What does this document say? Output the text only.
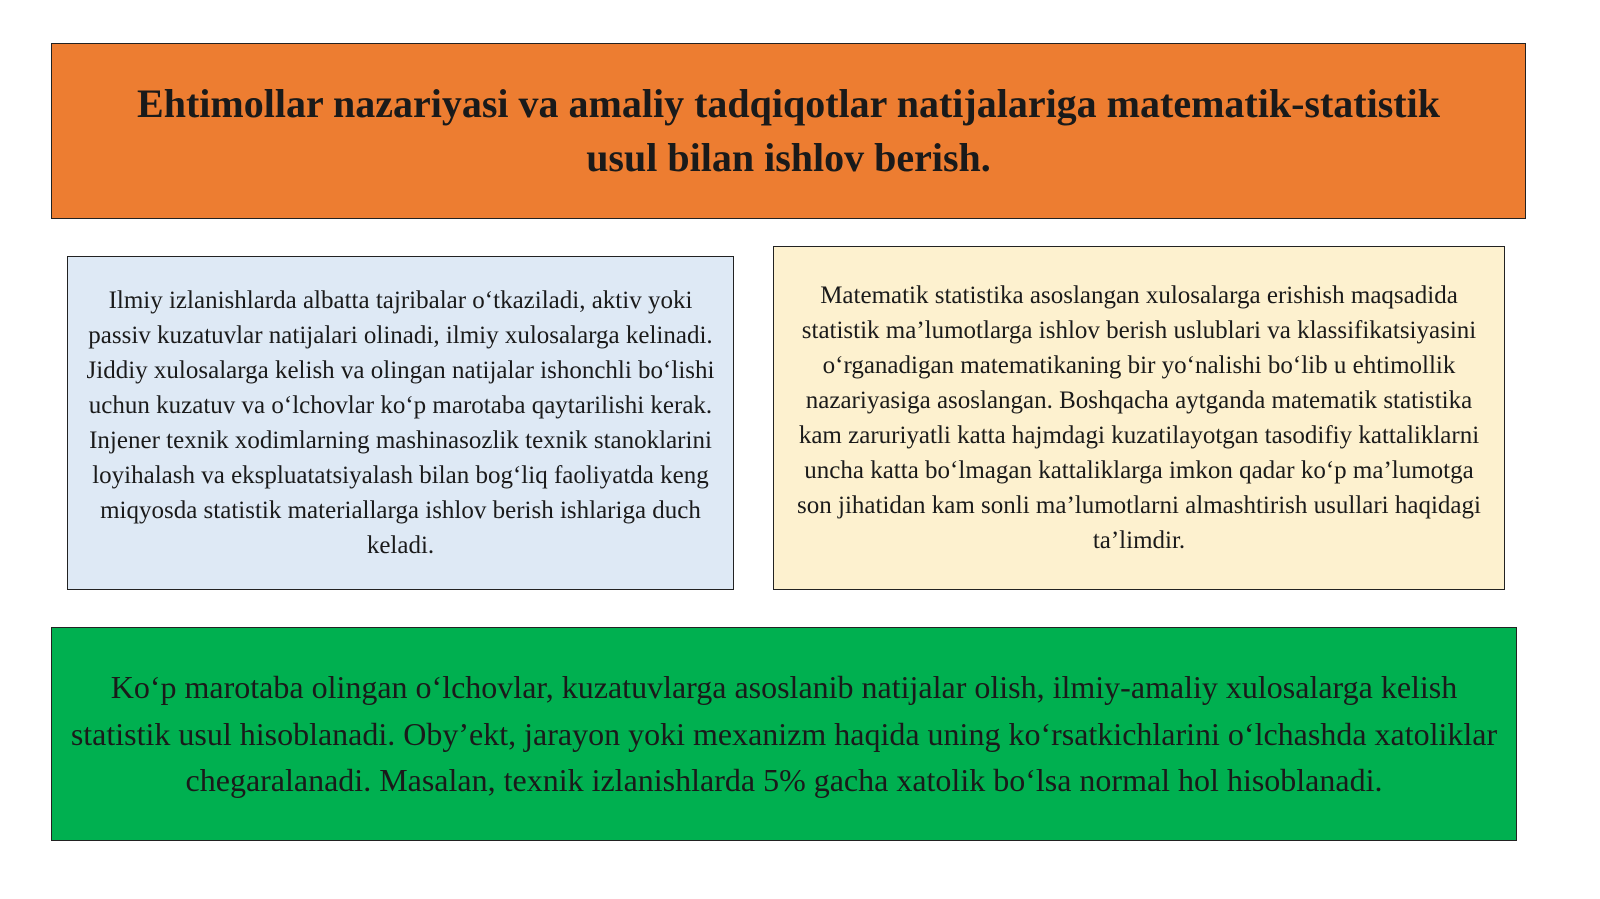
Ehtimollar nazariyasi va amaliy tadqiqotlar natijalariga matematik-statistik usul bilan ishlov berish.

Ilmiy izlanishlarda albatta tajribalar o‘tkaziladi, aktiv yoki passiv kuzatuvlar natijalari olinadi, ilmiy xulosalarga kelinadi. Jiddiy xulosalarga kelish va olingan natijalar ishonchli bo‘lishi uchun kuzatuv va o‘lchovlar ko‘p marotaba qaytarilishi kerak. Injener texnik xodimlarning mashinasozlik texnik stanoklarini loyihalash va ekspluatatsiyalash bilan bog‘liq faoliyatda keng miqyosda statistik materiallarga ishlov berish ishlariga duch keladi.

Matematik statistika asoslangan xulosalarga erishish maqsadida statistik ma’lumotlarga ishlov berish uslublari va klassifikatsiyasini o‘rganadigan matematikaning bir yo‘nalishi bo‘lib u ehtimollik nazariyasiga asoslangan. Boshqacha aytganda matematik statistika kam zaruriyatli katta hajmdagi kuzatilayotgan tasodifiy kattaliklarni uncha katta bo‘lmagan kattaliklarga imkon qadar ko‘p ma’lumotga son jihatidan kam sonli ma’lumotlarni almashtirish usullari haqidagi ta’limdir.

Ko‘p marotaba olingan o‘lchovlar, kuzatuvlarga asoslanib natijalar olish, ilmiy-amaliy xulosalarga kelish statistik usul hisoblanadi. Oby’ekt, jarayon yoki mexanizm haqida uning ko‘rsatkichlarini o‘lchashda xatoliklar chegaralanadi. Masalan, texnik izlanishlarda 5% gacha xatolik bo‘lsa normal hol hisoblanadi.
